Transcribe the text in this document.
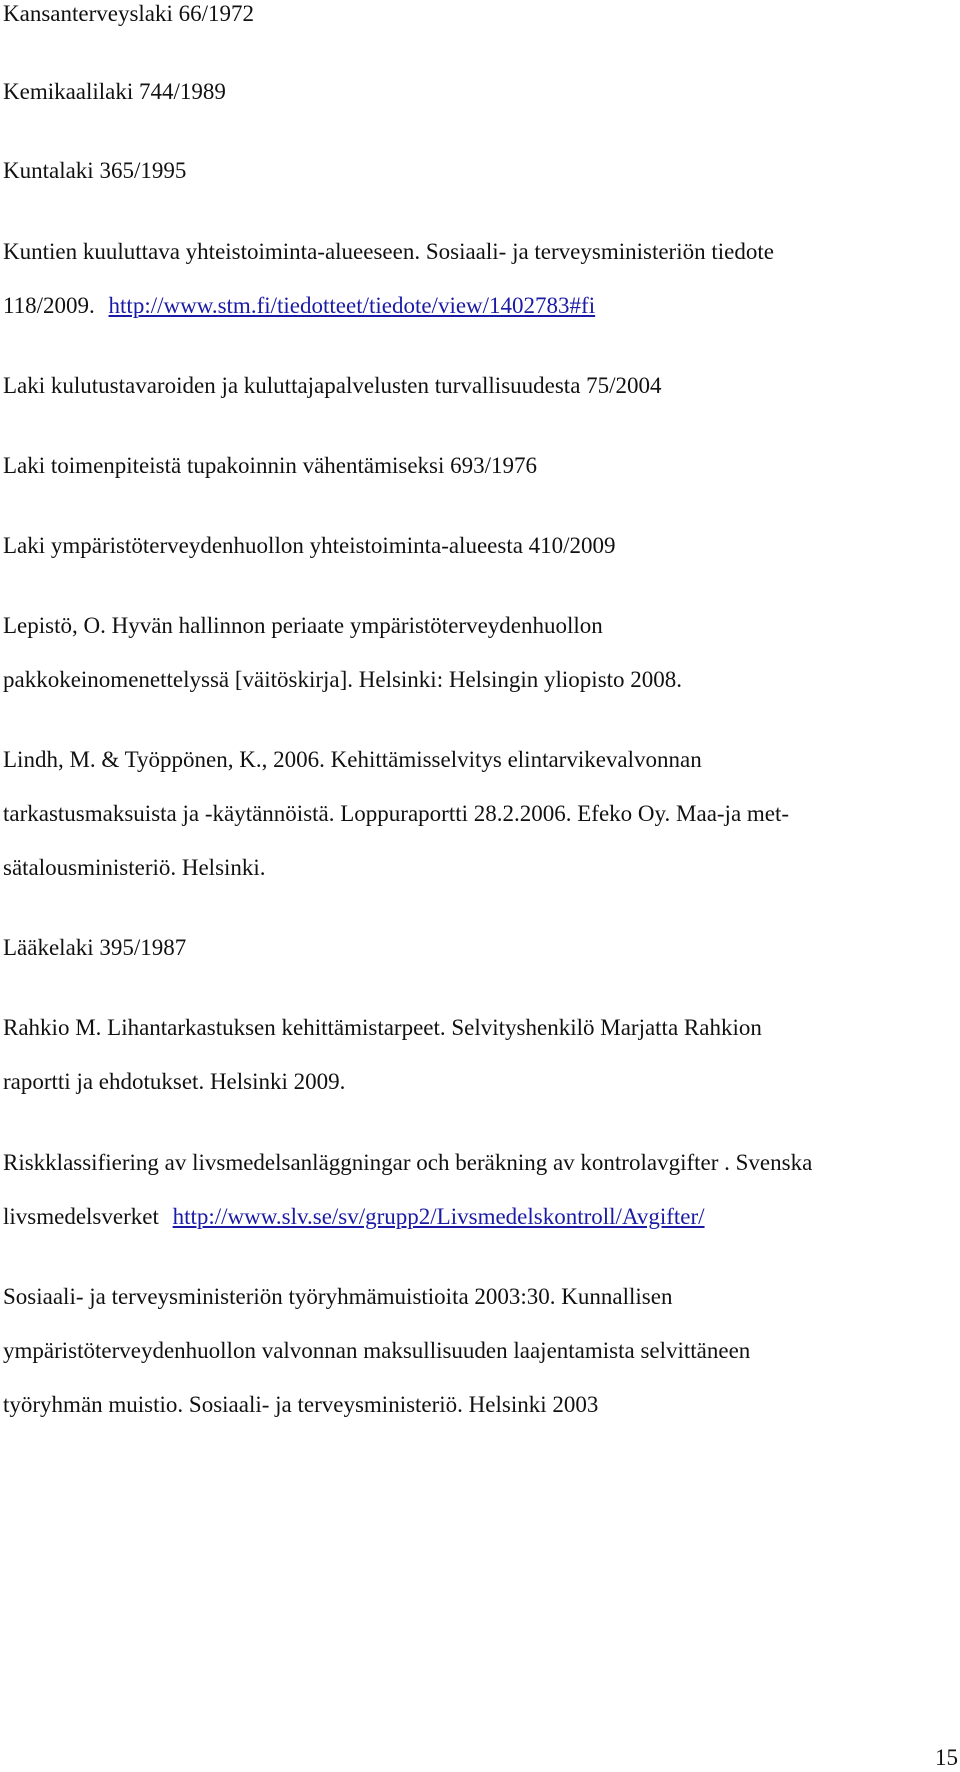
Kansanterveyslaki 66/1972
Kemikaalilaki 744/1989
Kuntalaki 365/1995
Kuntien kuuluttava yhteistoiminta-alueeseen. Sosiaali- ja terveysministeriön tiedote
118/2009. http://www.stm.fi/tiedotteet/tiedote/view/1402783#fi
Laki kulutustavaroiden ja kuluttajapalvelusten turvallisuudesta 75/2004
Laki toimenpiteistä tupakoinnin vähentämiseksi 693/1976
Laki ympäristöterveydenhuollon yhteistoiminta-alueesta 410/2009
Lepistö, O. Hyvän hallinnon periaate ympäristöterveydenhuollon
pakkokeinomenettelyssä [väitöskirja]. Helsinki: Helsingin yliopisto 2008.
Lindh, M. & Työppönen, K., 2006. Kehittämisselvitys elintarvikevalvonnan
tarkastusmaksuista ja -käytännöistä. Loppuraportti 28.2.2006. Efeko Oy. Maa-ja met-
sätalousministeriö. Helsinki.
Lääkelaki 395/1987
Rahkio M. Lihantarkastuksen kehittämistarpeet. Selvityshenkilö Marjatta Rahkion
raportti ja ehdotukset. Helsinki 2009.
Riskklassifiering av livsmedelsanläggningar och beräkning av kontrolavgifter . Svenska
livsmedelsverket http://www.slv.se/sv/grupp2/Livsmedelskontroll/Avgifter/
Sosiaali- ja terveysministeriön työryhmämuistioita 2003:30. Kunnallisen
ympäristöterveydenhuollon valvonnan maksullisuuden laajentamista selvittäneen
työryhmän muistio. Sosiaali- ja terveysministeriö. Helsinki 2003
15
